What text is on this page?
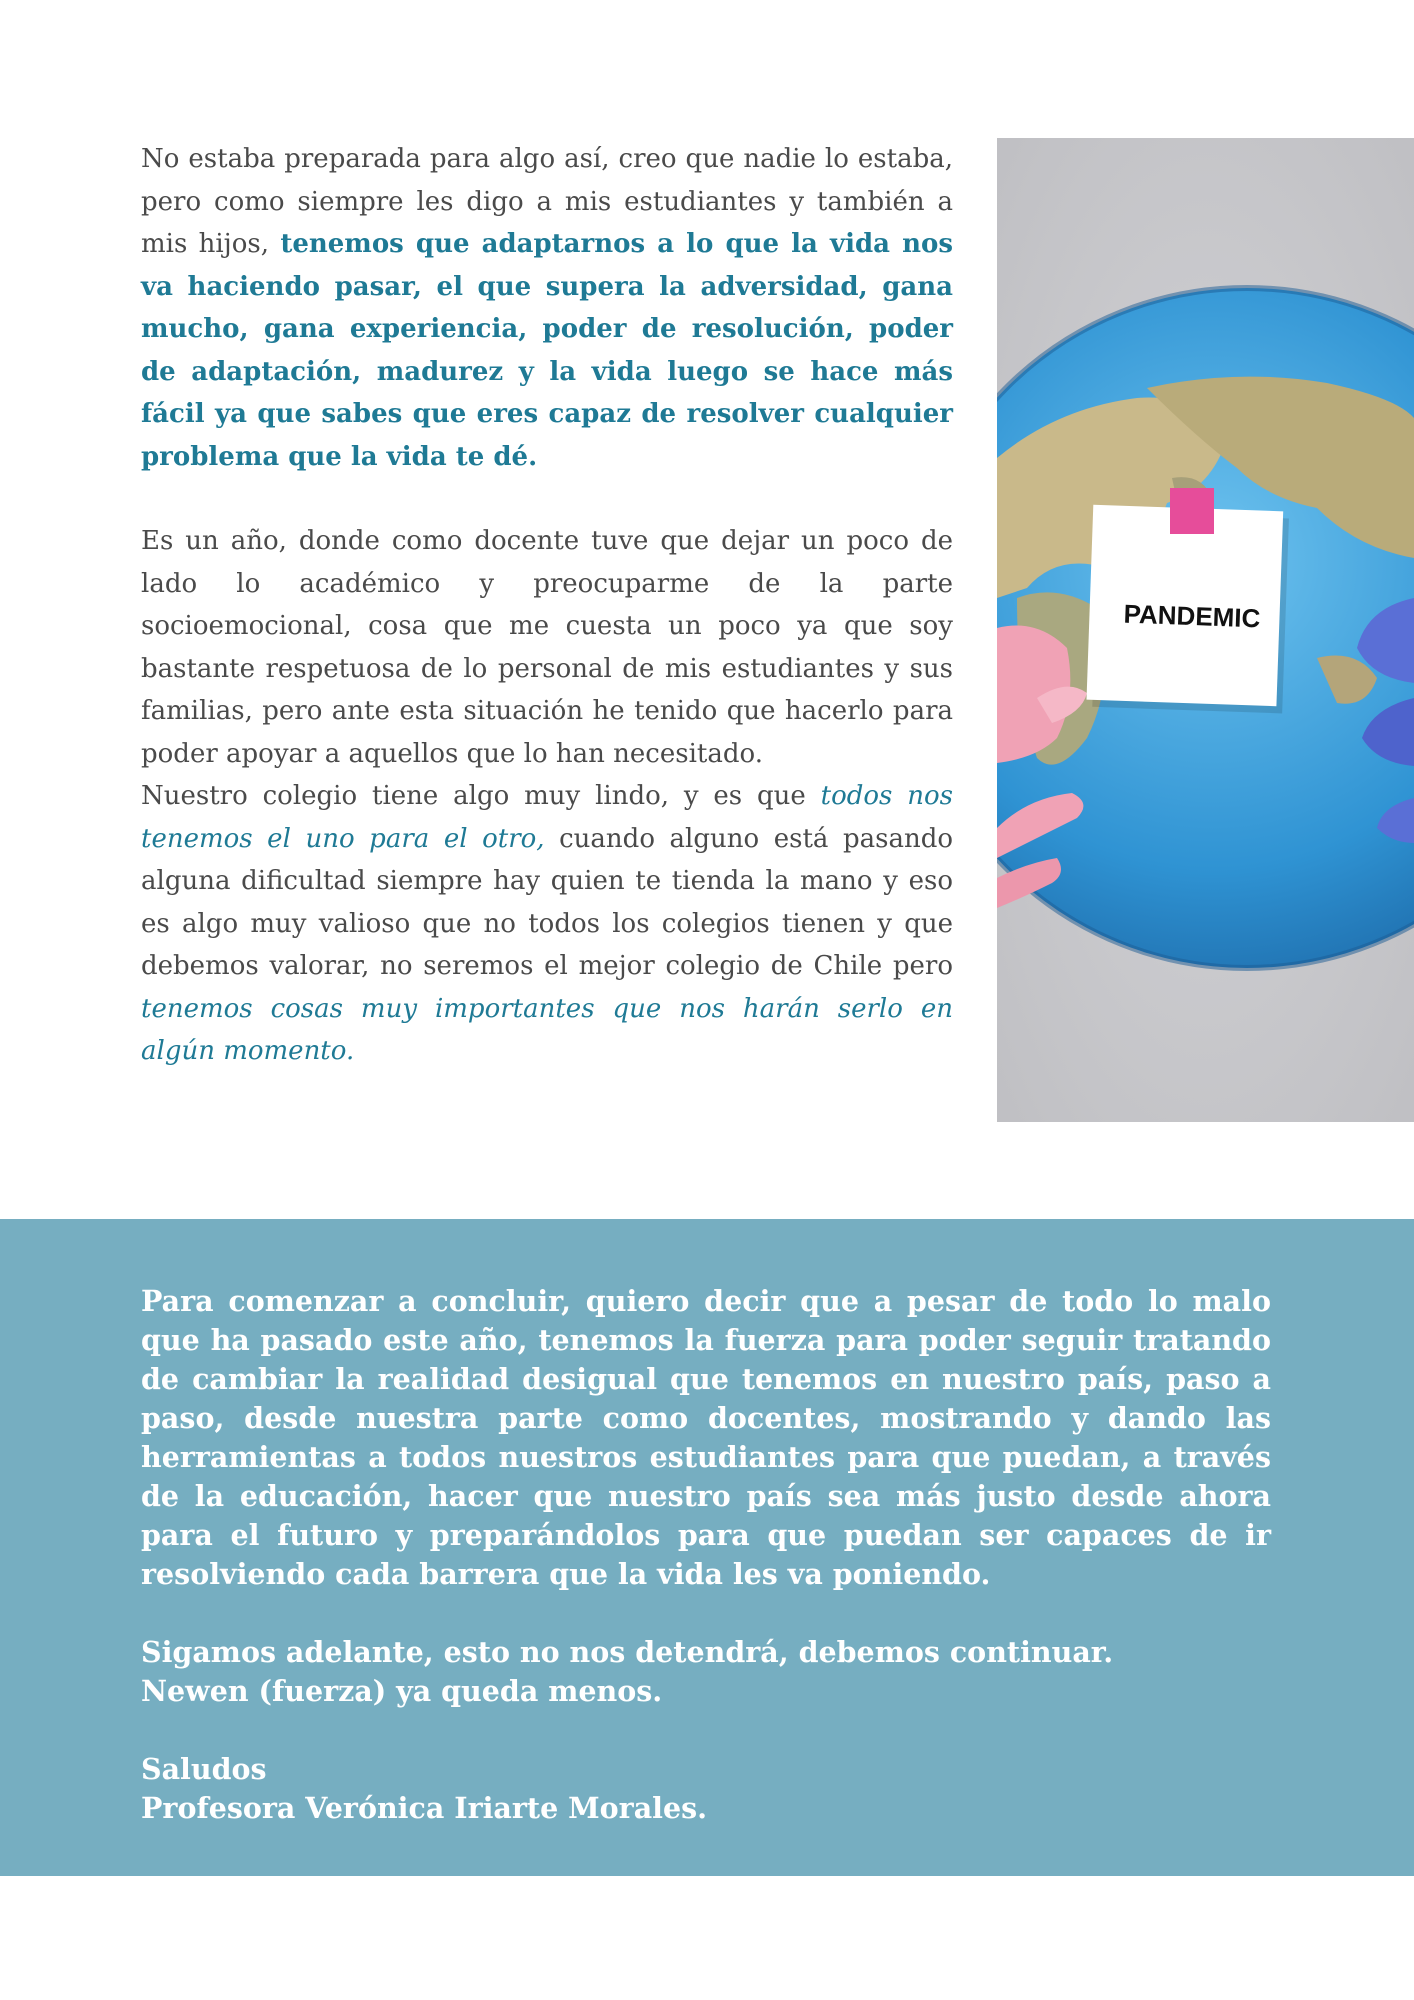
No estaba preparada para algo así, creo que nadie lo estaba, pero como siempre les digo a mis estudiantes y también a mis hijos, tenemos que adaptarnos a lo que la vida nos va haciendo pasar, el que supera la adversidad, gana mucho, gana experiencia, poder de resolución, poder de adaptación, madurez y la vida luego se hace más fácil ya que sabes que eres capaz de resolver cualquier problema que la vida te dé.

Es un año, donde como docente tuve que dejar un poco de lado lo académico y preocuparme de la parte socioemocional, cosa que me cuesta un poco ya que soy bastante respetuosa de lo personal de mis estudiantes y sus familias, pero ante esta situación he tenido que hacerlo para poder apoyar a aquellos que lo han necesitado.

Nuestro colegio tiene algo muy lindo, y es que todos nos tenemos el uno para el otro, cuando alguno está pasando alguna dificultad siempre hay quien te tienda la mano y eso es algo muy valioso que no todos los colegios tienen y que debemos valorar, no seremos el mejor colegio de Chile pero tenemos cosas muy importantes que nos harán serlo en algún momento.

PANDEMIC

Para comenzar a concluir, quiero decir que a pesar de todo lo malo que ha pasado este año, tenemos la fuerza para poder seguir tratando de cambiar la realidad desigual que tenemos en nuestro país, paso a paso, desde nuestra parte como docentes, mostrando y dando las herramientas a todos nuestros estudiantes para que puedan, a través de la educación, hacer que nuestro país sea más justo desde ahora para el futuro y preparándolos para que puedan ser capaces de ir resolviendo cada barrera que la vida les va poniendo.

Sigamos adelante, esto no nos detendrá, debemos continuar.

Newen (fuerza) ya queda menos.

Saludos

Profesora Verónica Iriarte Morales.
